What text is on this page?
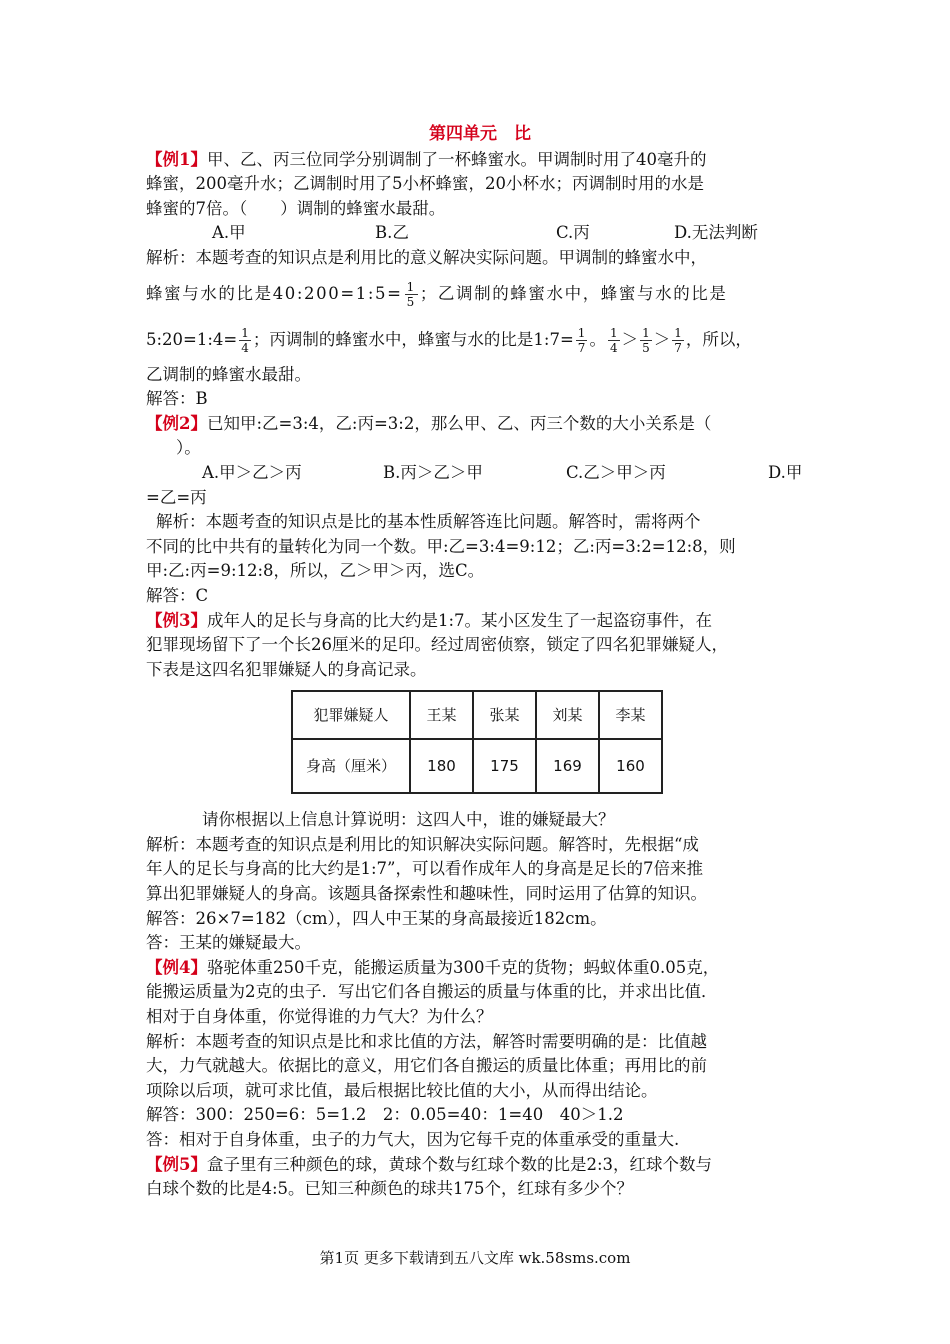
第四单元　比

【例1】甲、乙、丙三位同学分别调制了一杯蜂蜜水。甲调制时用了40毫升的

蜂蜜，200毫升水；乙调制时用了5小杯蜂蜜，20小杯水；丙调制时用的水是

蜂蜜的7倍。（　　）调制的蜂蜜水最甜。

A.甲	B.乙	C.丙	D.无法判断

解析：本题考查的知识点是利用比的意义解决实际问题。甲调制的蜂蜜水中，

蜂蜜与水的比是40:200=1:5= $\frac{1}{5}$ ；乙调制的蜂蜜水中，蜂蜜与水的比是

5:20=1:4= $\frac{1}{4}$ ；丙调制的蜂蜜水中，蜂蜜与水的比是1:7= $\frac{1}{7}$ 。 $\frac{1}{4} > \frac{1}{5} > \frac{1}{7}$ ，所以，

乙调制的蜂蜜水最甜。

解答：B

【例2】已知甲:乙=3:4，乙:丙=3:2，那么甲、乙、丙三个数的大小关系是（

）。

A.甲＞乙＞丙	B.丙＞乙＞甲	C.乙＞甲＞丙	D.甲

=乙=丙

解析：本题考查的知识点是比的基本性质解答连比问题。解答时，需将两个

不同的比中共有的量转化为同一个数。甲:乙=3:4=9:12；乙:丙=3:2=12:8，则

甲:乙:丙=9:12:8，所以，乙＞甲＞丙，选C。

解答：C

【例3】成年人的足长与身高的比大约是1:7。某小区发生了一起盗窃事件，在

犯罪现场留下了一个长26厘米的足印。经过周密侦察，锁定了四名犯罪嫌疑人，

下表是这四名犯罪嫌疑人的身高记录。

犯罪嫌疑人	王某	张某	刘某	李某
身高（厘米）	180	175	169	160

请你根据以上信息计算说明：这四人中，谁的嫌疑最大？

解析：本题考查的知识点是利用比的知识解决实际问题。解答时，先根据“成

年人的足长与身高的比大约是1:7”，可以看作成年人的身高是足长的7倍来推

算出犯罪嫌疑人的身高。该题具备探索性和趣味性，同时运用了估算的知识。

解答：26×7=182（cm），四人中王某的身高最接近182cm。

答：王某的嫌疑最大。

【例4】骆驼体重250千克，能搬运质量为300千克的货物；蚂蚁体重0.05克，

能搬运质量为2克的虫子．写出它们各自搬运的质量与体重的比，并求出比值．

相对于自身体重，你觉得谁的力气大？为什么？

解析：本题考查的知识点是比和求比值的方法，解答时需要明确的是：比值越

大，力气就越大。依据比的意义，用它们各自搬运的质量比体重；再用比的前

项除以后项，就可求比值，最后根据比较比值的大小，从而得出结论。

解答：300：250=6：5=1.2　2：0.05=40：1=40　40＞1.2

答：相对于自身体重，虫子的力气大，因为它每千克的体重承受的重量大.

【例5】盒子里有三种颜色的球，黄球个数与红球个数的比是2:3，红球个数与

白球个数的比是4:5。已知三种颜色的球共175个，红球有多少个？

第1页 更多下载请到五八文库 wk.58sms.com
